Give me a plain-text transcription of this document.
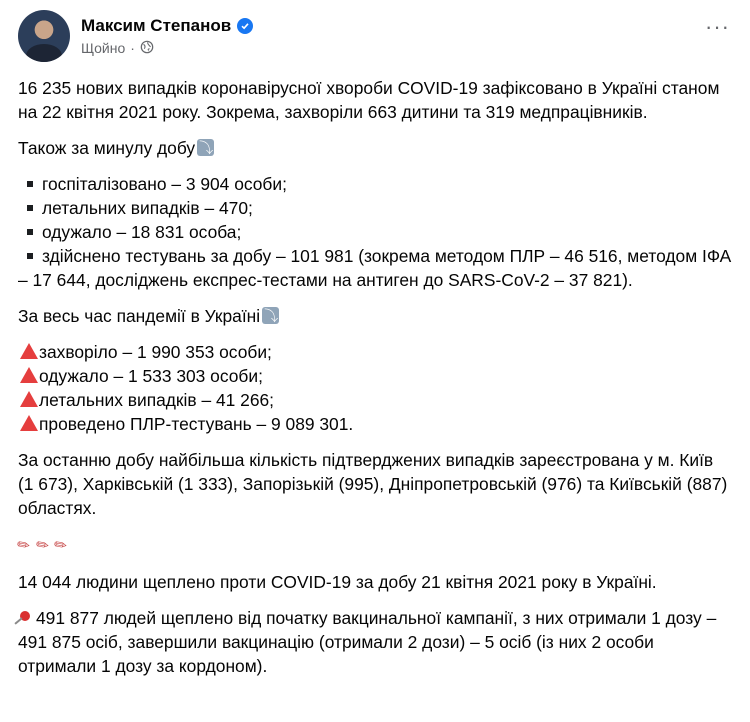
Максим Степанов
Щойно ·
···

16 235 нових випадків коронавірусної хвороби COVID-19 зафіксовано в Україні станом на 22 квітня 2021 року. Зокрема, захворіли 663 дитини та 319 медпрацівників.

Також за минулу добу⤵

госпіталізовано – 3 904 особи;
летальних випадків – 470;
одужало – 18 831 особа;
здійснено тестувань за добу – 101 981 (зокрема методом ПЛР – 46 516, методом ІФА – 17 644, досліджень експрес-тестами на антиген до SARS-CoV-2 – 37 821).

За весь час пандемії в Україні⤵

захворіло – 1 990 353 особи;
одужало – 1 533 303 особи;
летальних випадків – 41 266;
проведено ПЛР-тестувань – 9 089 301.

За останню добу найбільша кількість підтверджених випадків зареєстрована у м. Київ (1 673), Харківській (1 333), Запорізькій (995), Дніпропетровській (976) та Київській (887) областях.

✎✎✎

14 044 людини щеплено проти COVID-19 за добу 21 квітня 2021 року в Україні.

491 877 людей щеплено від початку вакцинальної кампанії, з них отримали 1 дозу – 491 875 осіб, завершили вакцинацію (отримали 2 дози) – 5 осіб (із них 2 особи отримали 1 дозу за кордоном).
